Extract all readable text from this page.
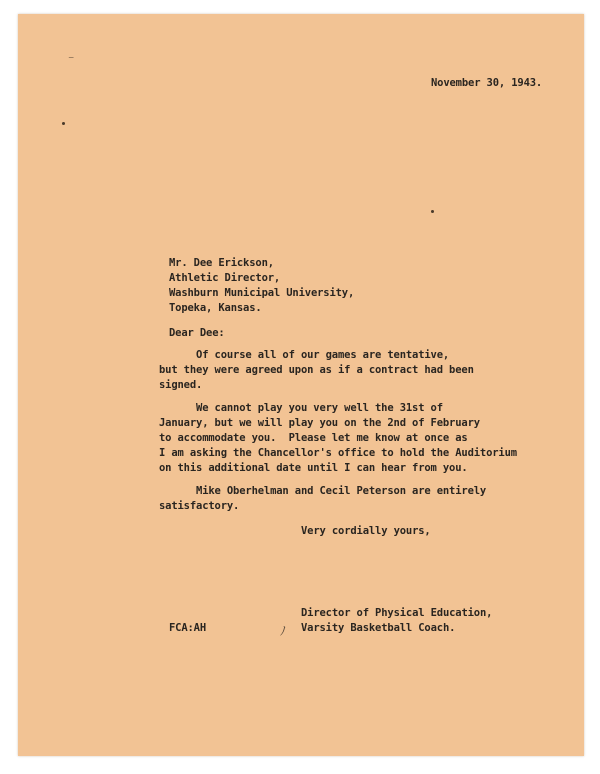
⁻
November 30, 1943.
Mr. Dee Erickson,
Athletic Director,
Washburn Municipal University,
Topeka, Kansas.
Dear Dee:
Of course all of our games are tentative,
but they were agreed upon as if a contract had been
signed.
We cannot play you very well the 31st of
January, but we will play you on the 2nd of February
to accommodate you.  Please let me know at once as
I am asking the Chancellor's office to hold the Auditorium
on this additional date until I can hear from you.
Mike Oberhelman and Cecil Peterson are entirely
satisfactory.
Very cordially yours,
Director of Physical Education,
Varsity Basketball Coach.
FCA:AH	ﾉ
